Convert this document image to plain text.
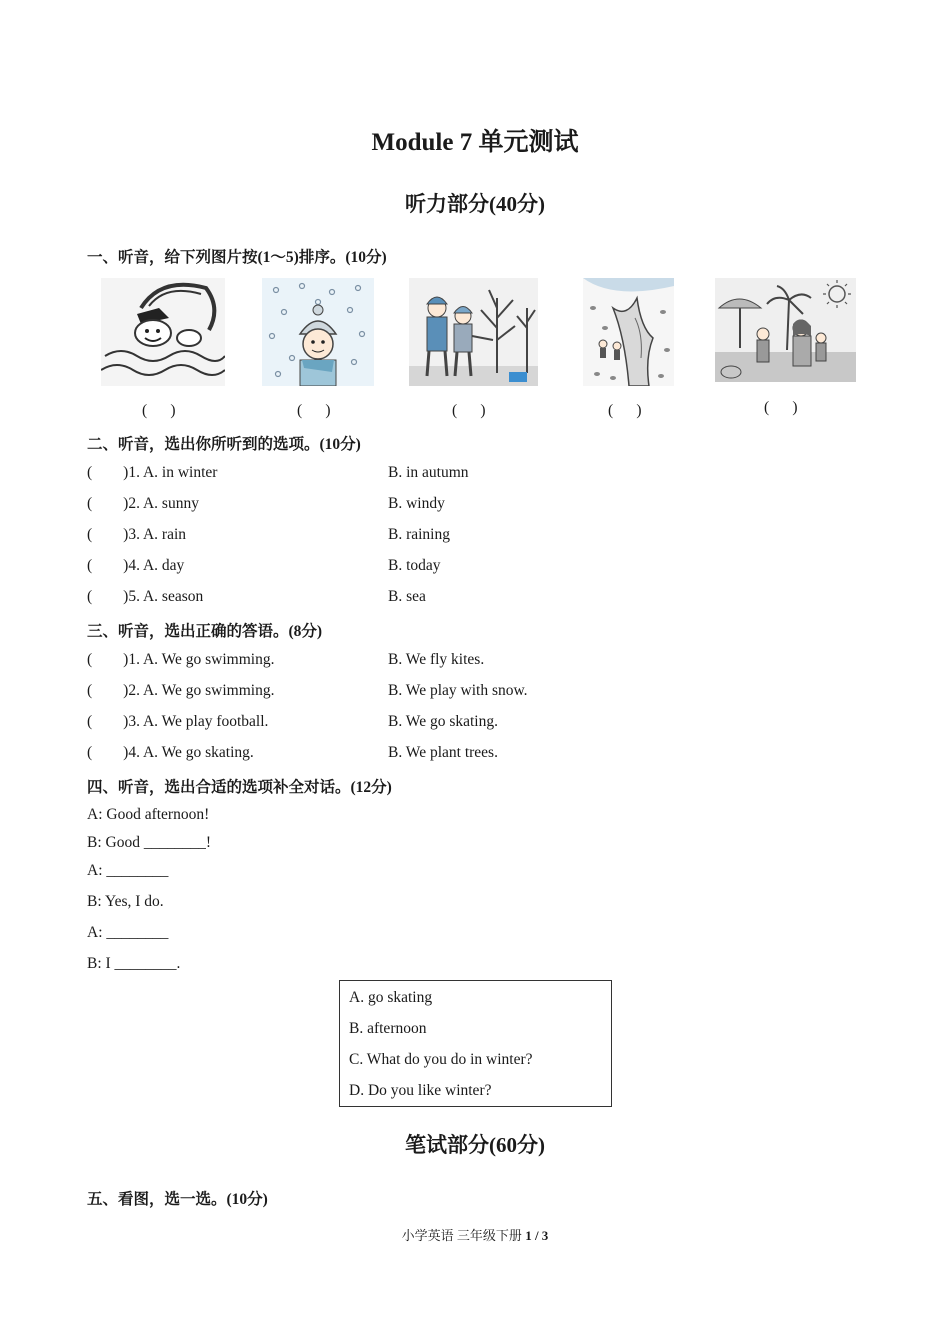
Module 7 单元测试
听力部分(40分)
一、听音，给下列图片按(1～5)排序。(10分)
(      )	(      )	(      )	(      )	(      )
二、听音，选出你所听到的选项。(10分)
(        )1. A. in winter	B. in autumn
(        )2. A. sunny	B. windy
(        )3. A. rain	B. raining
(        )4. A. day	B. today
(        )5. A. season	B. sea
三、听音，选出正确的答语。(8分)
(        )1. A. We go swimming.	B. We fly kites.
(        )2. A. We go swimming.	B. We play with snow.
(        )3. A. We play football.	B. We go skating.
(        )4. A. We go skating.	B. We plant trees.
四、听音，选出合适的选项补全对话。(12分)
A: Good afternoon!
B: Good ________!
A: ________
B: Yes, I do.
A: ________
B: I ________.
A. go skating
B. afternoon
C. What do you do in winter?
D. Do you like winter?
笔试部分(60分)
五、看图，选一选。(10分)
小学英语 三年级下册 1 / 3
